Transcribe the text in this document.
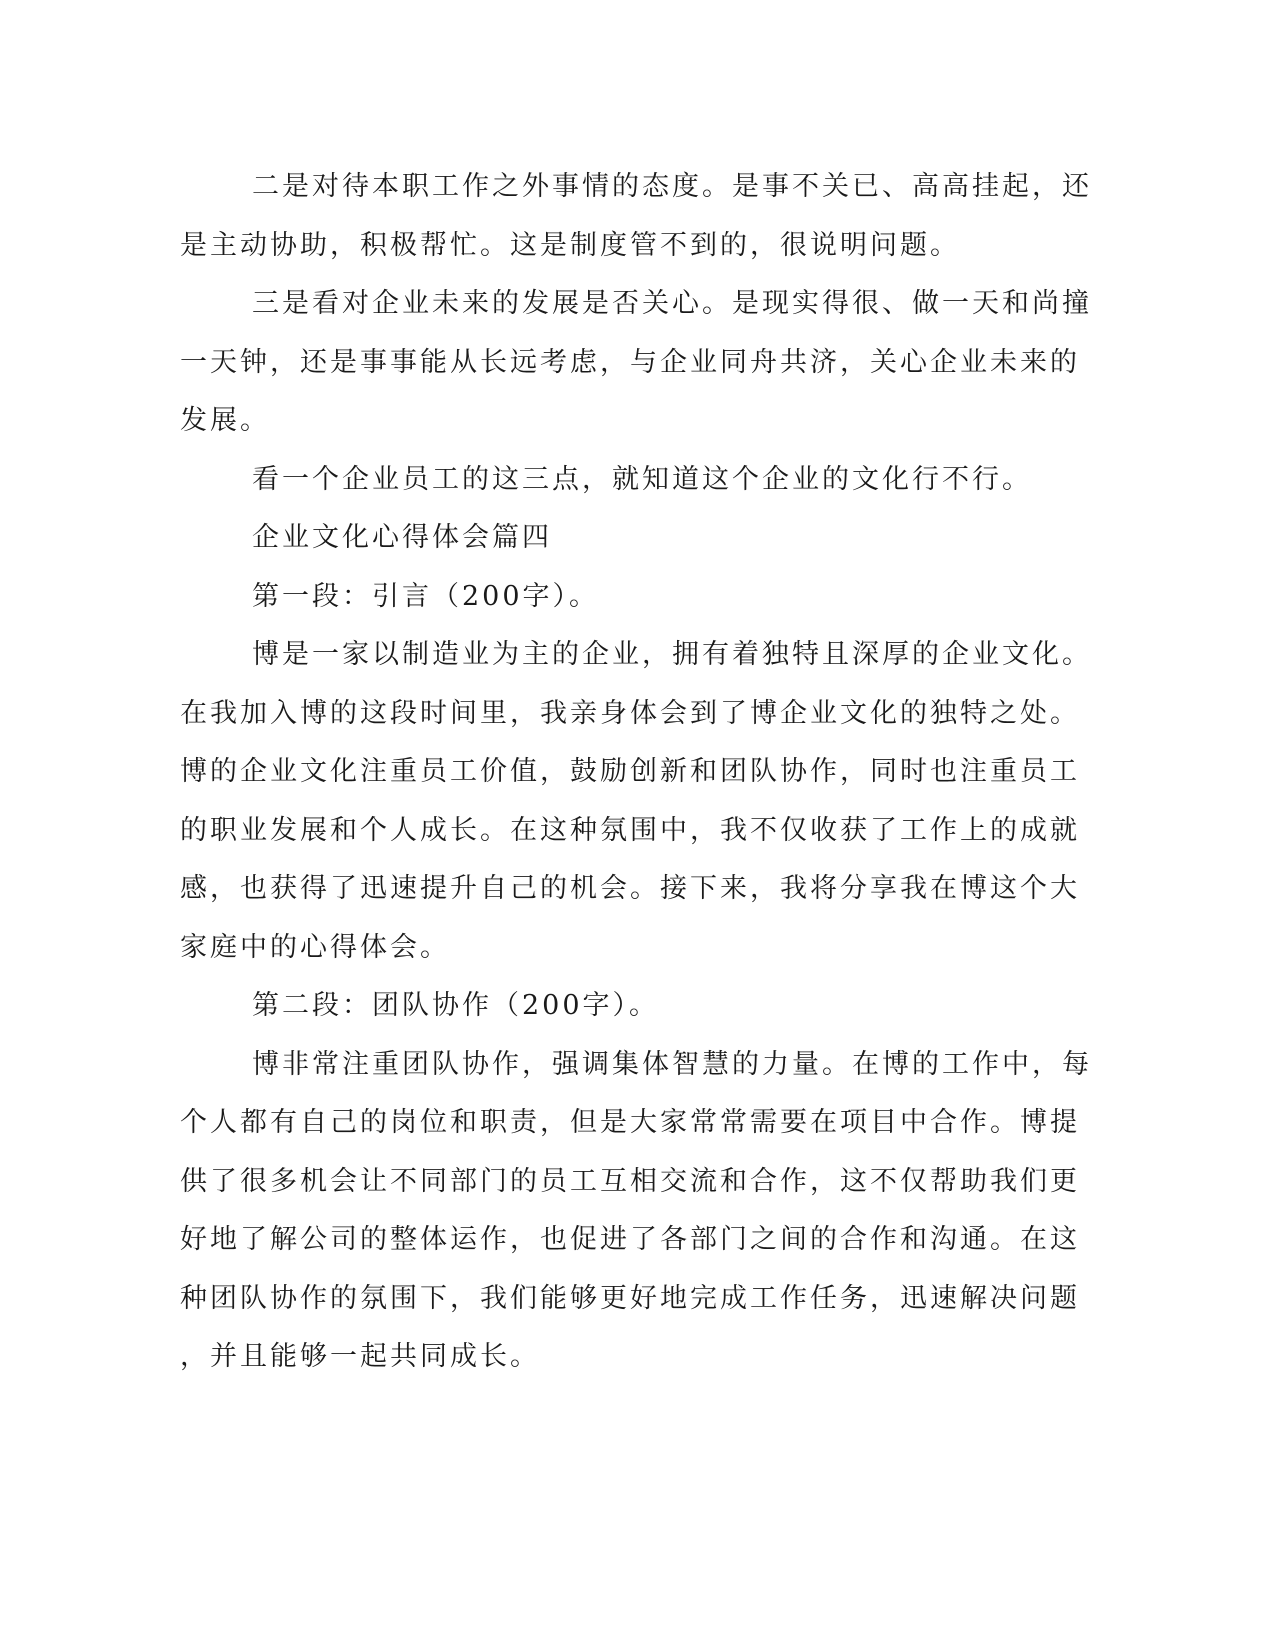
二是对待本职工作之外事情的态度。是事不关已、高高挂起，还
是主动协助，积极帮忙。这是制度管不到的，很说明问题。
三是看对企业未来的发展是否关心。是现实得很、做一天和尚撞
一天钟，还是事事能从长远考虑，与企业同舟共济，关心企业未来的
发展。
看一个企业员工的这三点，就知道这个企业的文化行不行。
企业文化心得体会篇四
第一段：引言（200字）。
博是一家以制造业为主的企业，拥有着独特且深厚的企业文化。
在我加入博的这段时间里，我亲身体会到了博企业文化的独特之处。
博的企业文化注重员工价值，鼓励创新和团队协作，同时也注重员工
的职业发展和个人成长。在这种氛围中，我不仅收获了工作上的成就
感，也获得了迅速提升自己的机会。接下来，我将分享我在博这个大
家庭中的心得体会。
第二段：团队协作（200字）。
博非常注重团队协作，强调集体智慧的力量。在博的工作中，每
个人都有自己的岗位和职责，但是大家常常需要在项目中合作。博提
供了很多机会让不同部门的员工互相交流和合作，这不仅帮助我们更
好地了解公司的整体运作，也促进了各部门之间的合作和沟通。在这
种团队协作的氛围下，我们能够更好地完成工作任务，迅速解决问题
，并且能够一起共同成长。
